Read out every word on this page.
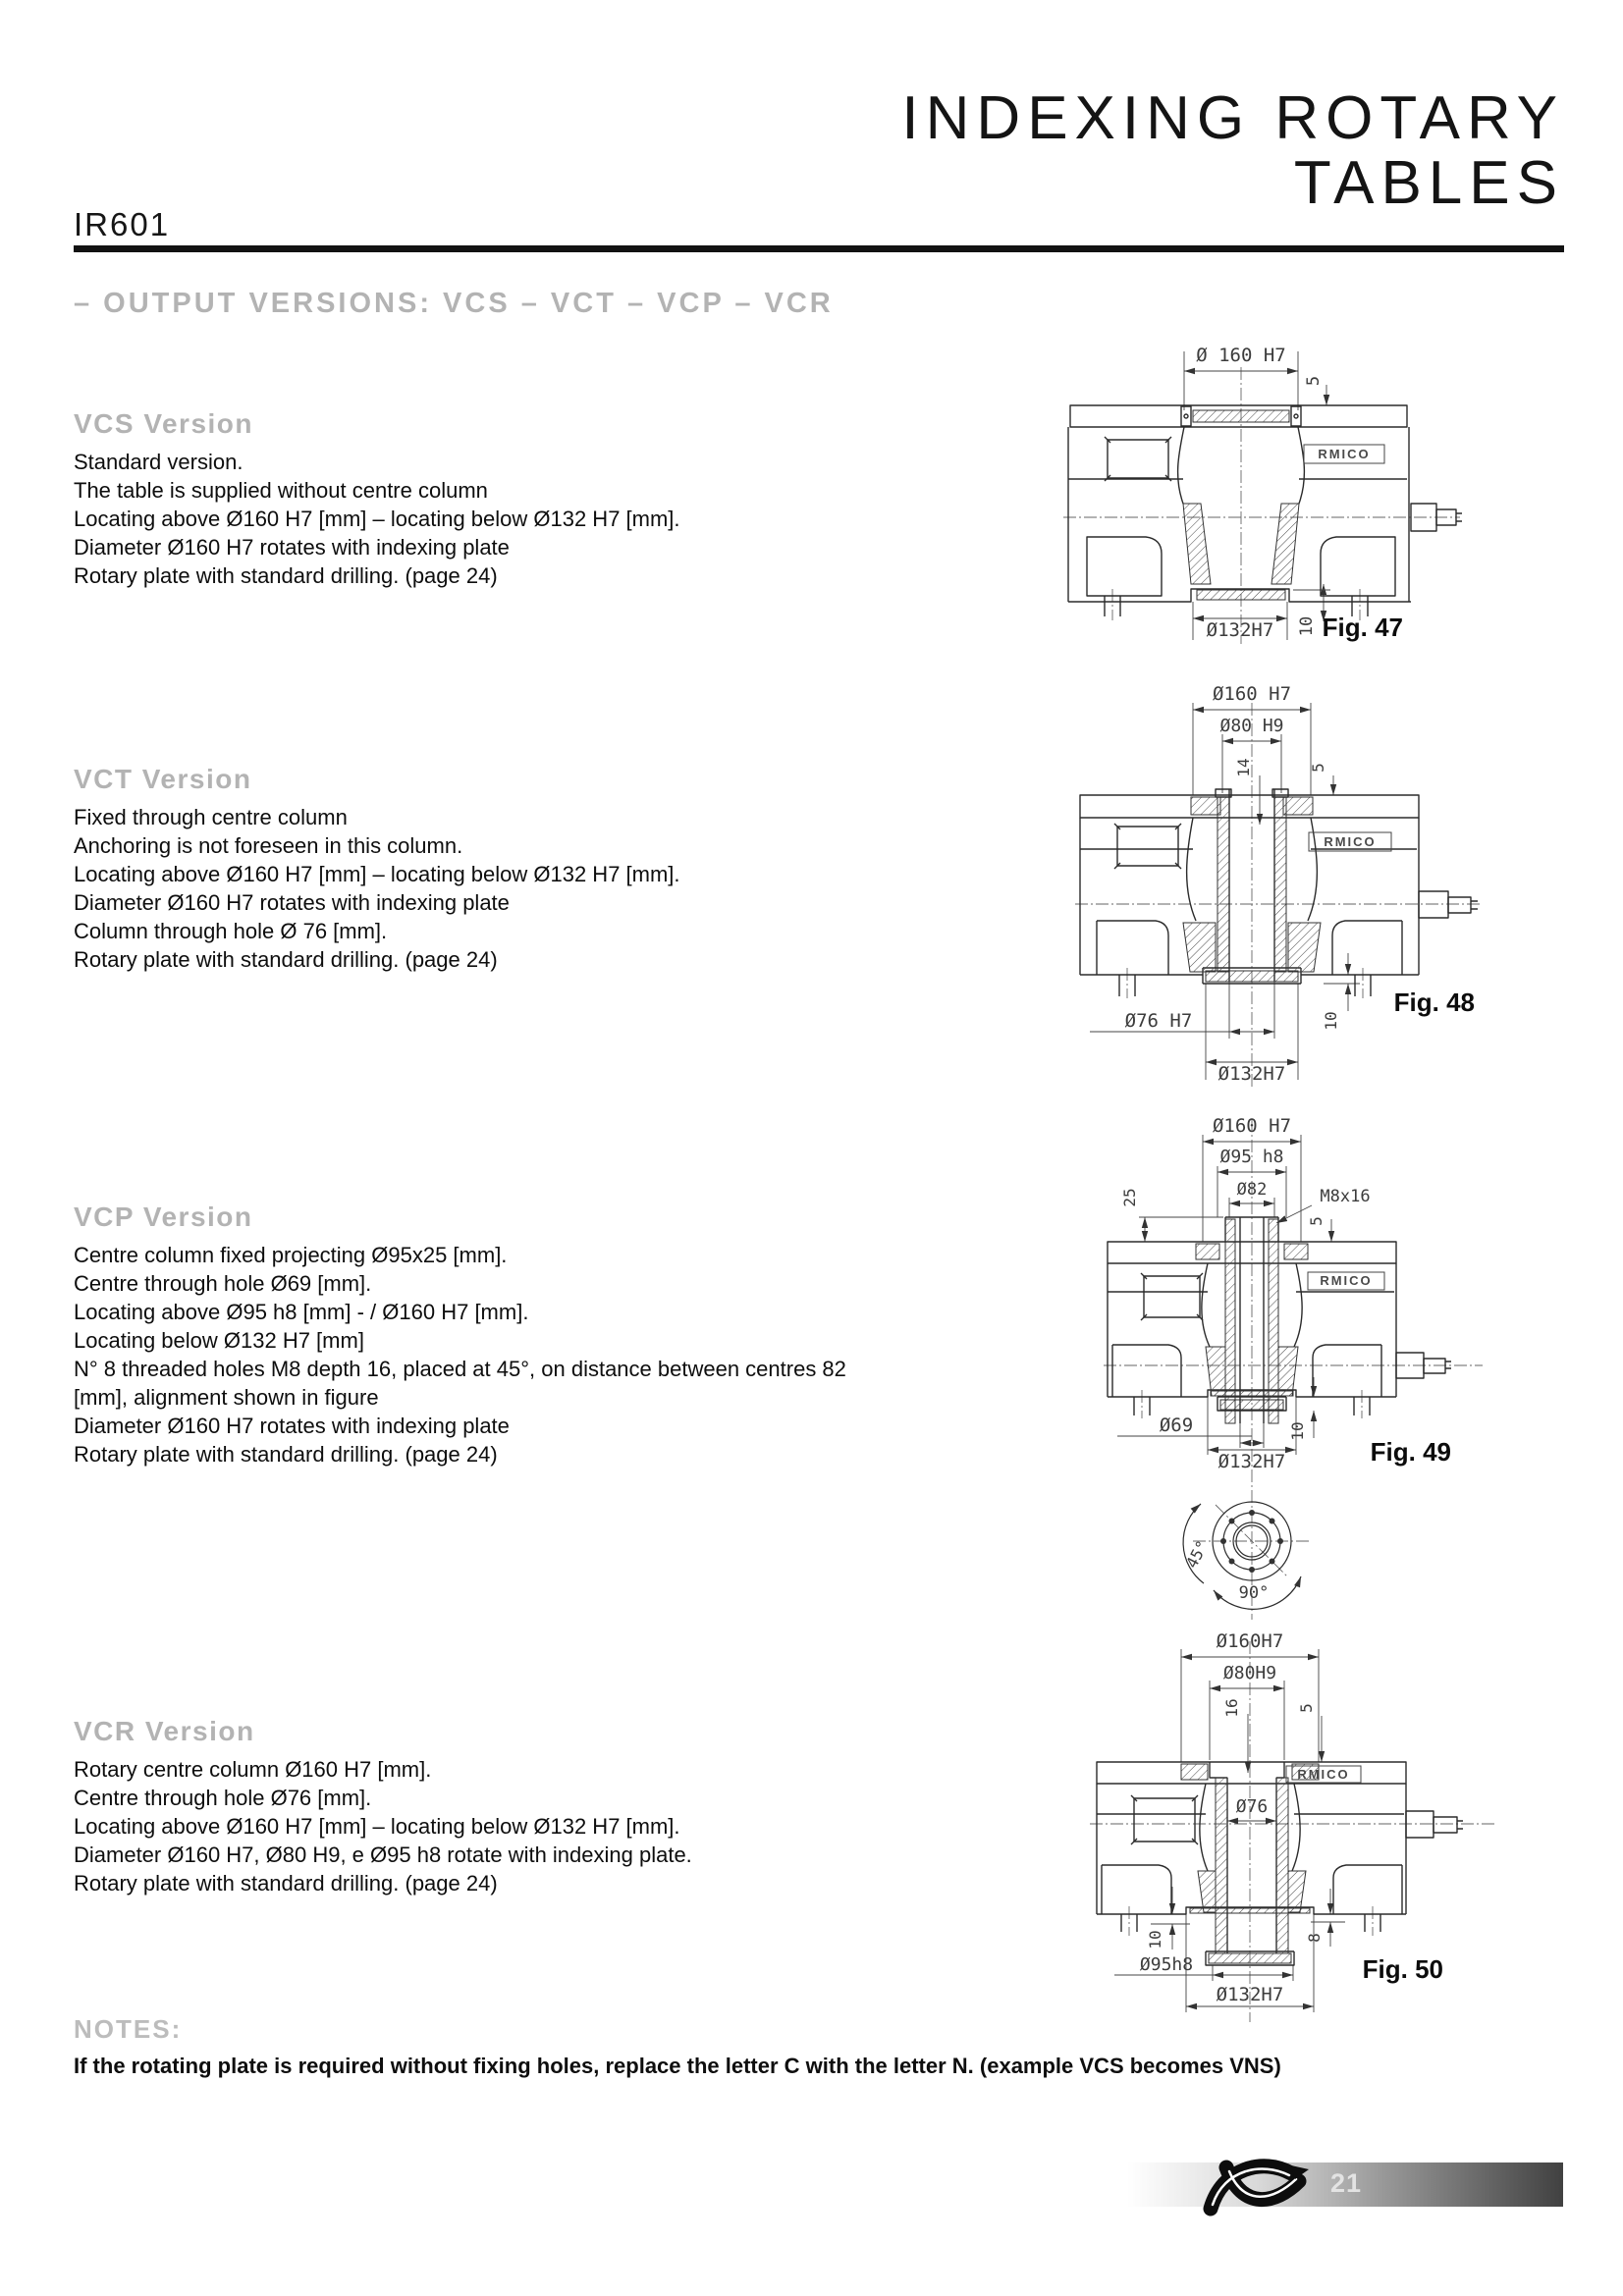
INDEXING ROTARY
TABLES
IR601
– OUTPUT VERSIONS: VCS – VCT – VCP – VCR
VCS Version
Standard version.
The table is supplied without centre column
Locating above Ø160 H7 [mm] – locating below Ø132 H7 [mm].
Diameter Ø160 H7 rotates with indexing plate
Rotary plate with standard drilling. (page 24)
VCT Version
Fixed through centre column
Anchoring is not foreseen in this column.
Locating above Ø160 H7 [mm] – locating below Ø132 H7 [mm].
Diameter Ø160 H7 rotates with indexing plate
Column through hole Ø 76 [mm].
Rotary plate with standard drilling. (page 24)
VCP Version
Centre column fixed projecting Ø95x25 [mm].
Centre through hole Ø69 [mm].
Locating above Ø95 h8 [mm] - / Ø160 H7 [mm].
Locating below Ø132 H7 [mm]
N° 8 threaded holes M8 depth 16, placed at 45°, on distance between centres 82
[mm], alignment shown in figure
Diameter Ø160 H7 rotates with indexing plate
Rotary plate with standard drilling. (page 24)
VCR Version
Rotary centre column Ø160 H7 [mm].
Centre through hole Ø76 [mm].
Locating above Ø160 H7 [mm] – locating below Ø132 H7 [mm].
Diameter Ø160 H7, Ø80 H9, e Ø95 h8 rotate with indexing plate.
Rotary plate with standard drilling. (page 24)
Ø 160 H7
5
Ø132H7 10
RMICO
Fig. 47
Ø160 H7
Ø80 H9
14	5
Ø76 H7
Ø132H7
10
RMICO
Fig. 48
Ø160 H7
Ø95 h8
Ø82	M8x16
25
5
Ø69	10
Ø132H7
RMICO
45°
90°
Fig. 49
Ø160H7
Ø80H9
16	5
Ø76
10	8
Ø95h8
Ø132H7
RMICO
Fig. 50
NOTES:
If the rotating plate is required without fixing holes, replace the letter C with the letter N. (example VCS becomes VNS)
21
